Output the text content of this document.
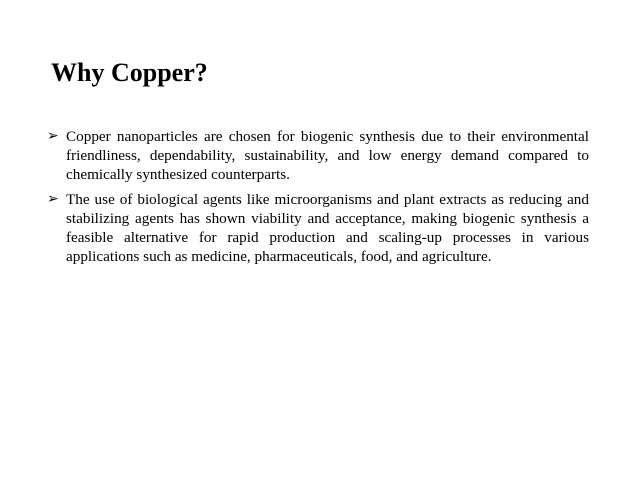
Why Copper?
➢ Copper nanoparticles are chosen for biogenic synthesis due to their environmental friendliness, dependability, sustainability, and low energy demand compared to chemically synthesized counterparts.
➢ The use of biological agents like microorganisms and plant extracts as reducing and stabilizing agents has shown viability and acceptance, making biogenic synthesis a feasible alternative for rapid production and scaling-up processes in various applications such as medicine, pharmaceuticals, food, and agriculture.
